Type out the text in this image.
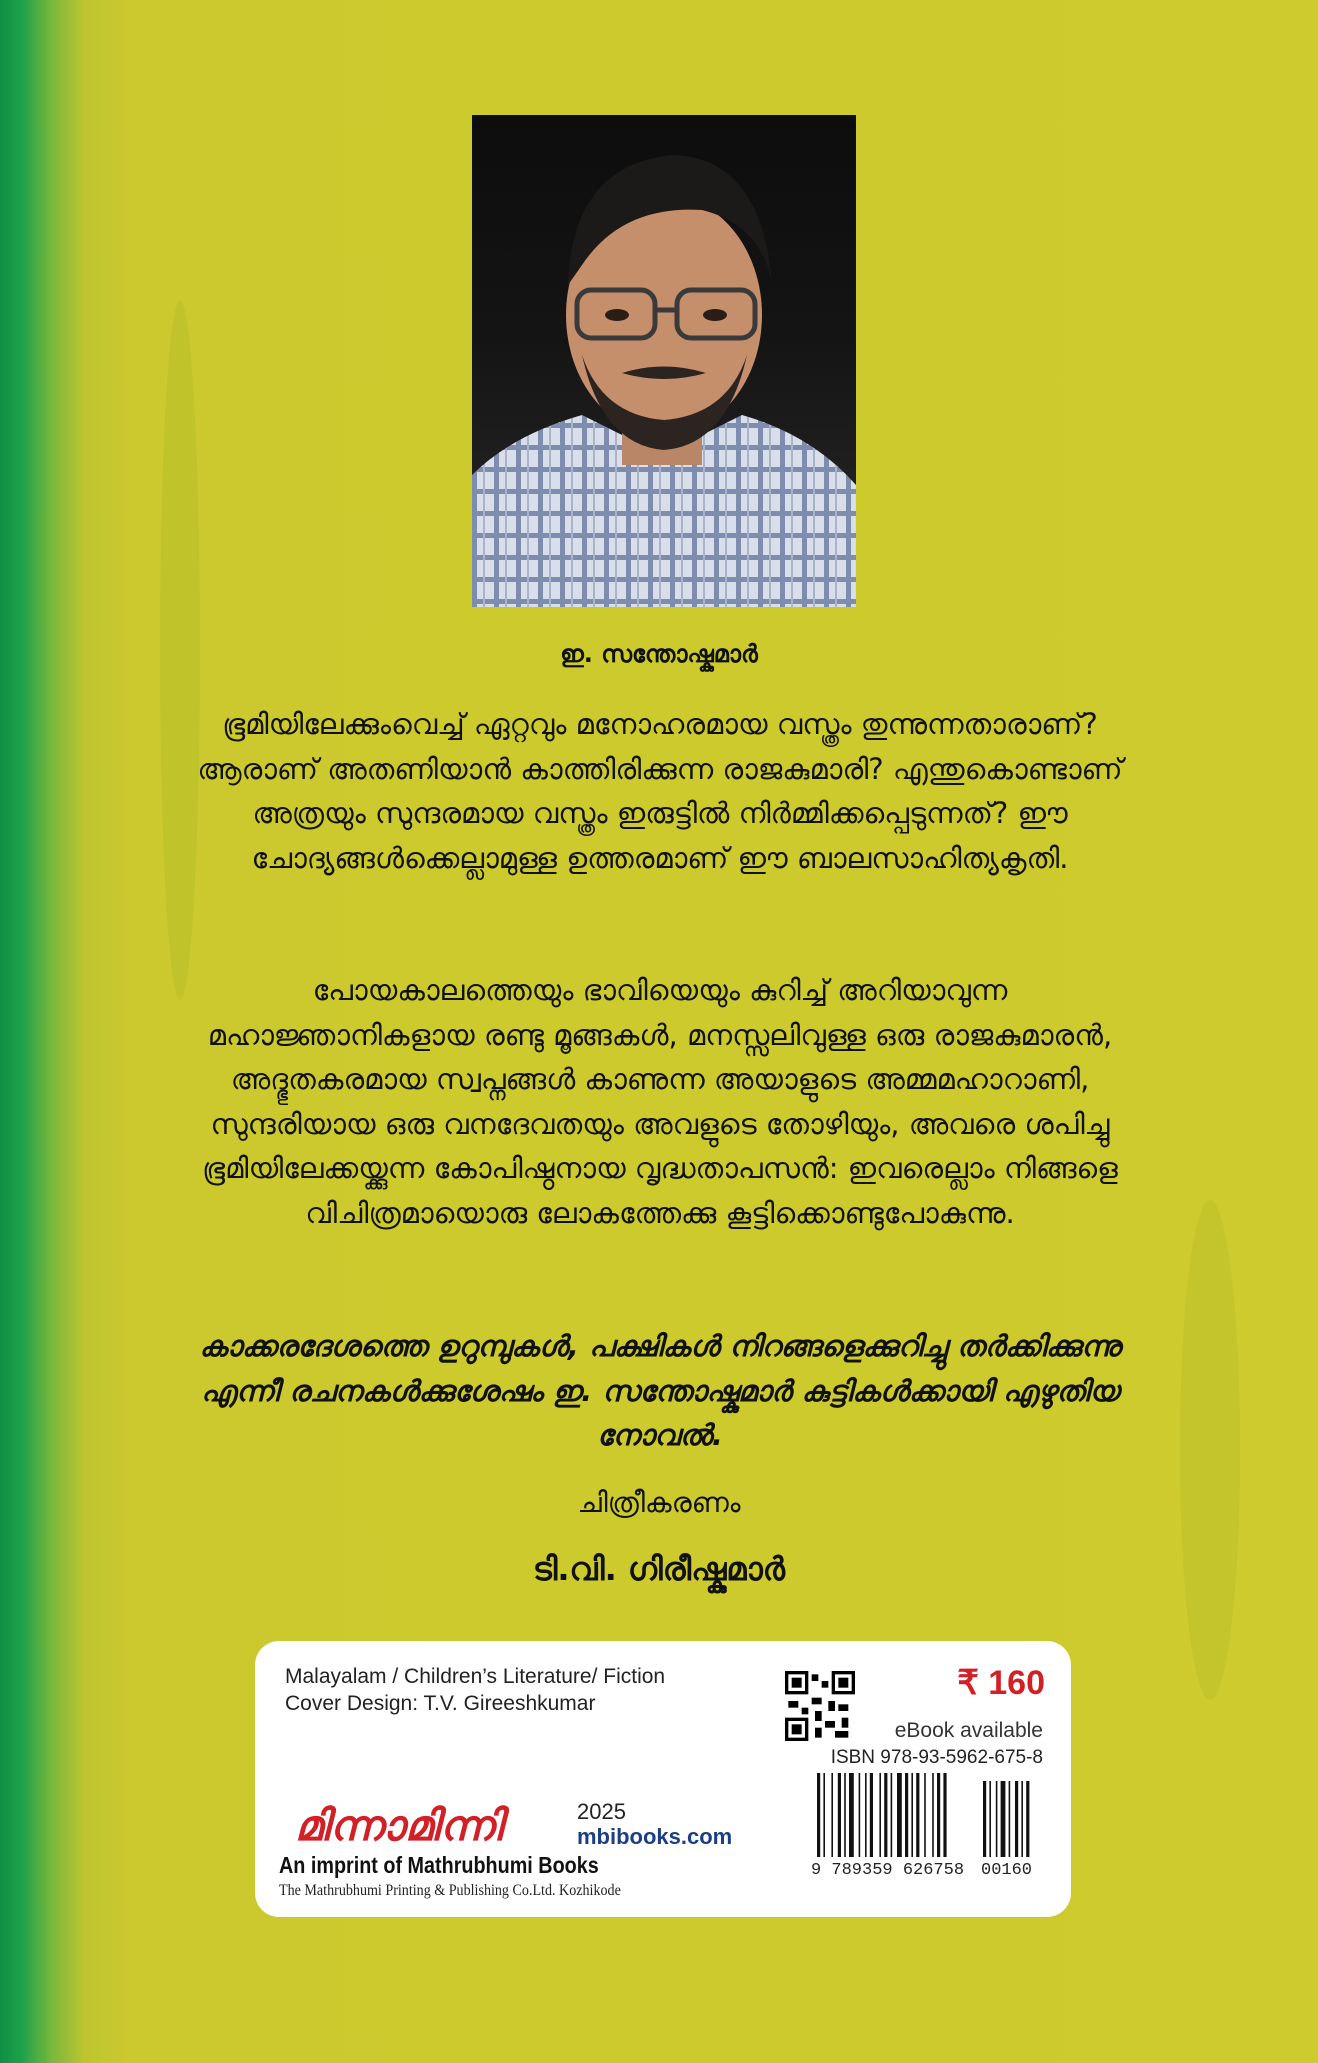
ഇ. സന്തോഷ്കുമാർ

ഭൂമിയിലേക്കുംവെച്ച് ഏറ്റവും മനോഹരമായ വസ്ത്രം തുന്നുന്നതാരാണ്? ആരാണ് അതണിയാൻ കാത്തിരിക്കുന്ന രാജകുമാരി? എന്തുകൊണ്ടാണ് അത്രയും സുന്ദരമായ വസ്ത്രം ഇരുട്ടിൽ നിർമ്മിക്കപ്പെടുന്നത്? ഈ ചോദ്യങ്ങൾക്കെല്ലാമുള്ള ഉത്തരമാണ് ഈ ബാലസാഹിത്യകൃതി.

പോയകാലത്തെയും ഭാവിയെയും കുറിച്ച് അറിയാവുന്ന മഹാജ്ഞാനികളായ രണ്ടു മൂങ്ങകൾ, മനസ്സലിവുള്ള ഒരു രാജകുമാരൻ, അദ്ഭുതകരമായ സ്വപ്നങ്ങൾ കാണുന്ന അയാളുടെ അമ്മമഹാറാണി, സുന്ദരിയായ ഒരു വനദേവതയും അവളുടെ തോഴിയും, അവരെ ശപിച്ചു ഭൂമിയിലേക്കയ്ക്കുന്ന കോപിഷ്ഠനായ വൃദ്ധതാപസൻ: ഇവരെല്ലാം നിങ്ങളെ വിചിത്രമായൊരു ലോകത്തേക്കു കൂട്ടിക്കൊണ്ടുപോകുന്നു.

കാക്കരദേശത്തെ ഉറുമ്പുകൾ, പക്ഷികൾ നിറങ്ങളെക്കുറിച്ചു തർക്കിക്കുന്നു എന്നീ രചനകൾക്കുശേഷം ഇ. സന്തോഷ്കുമാർ കുട്ടികൾക്കായി എഴുതിയ നോവൽ.

ചിത്രീകരണം
ടി.വി. ഗിരീഷ്കുമാർ
Malayalam / Children’s Literature/ Fiction
Cover Design: T.V. Gireeshkumar
₹ 160
eBook available
ISBN 978-93-5962-675-8
9 789359 626758 00160
മിന്നാമിന്നി	2025
mbibooks.com
An imprint of Mathrubhumi Books
The Mathrubhumi Printing & Publishing Co.Ltd. Kozhikode
